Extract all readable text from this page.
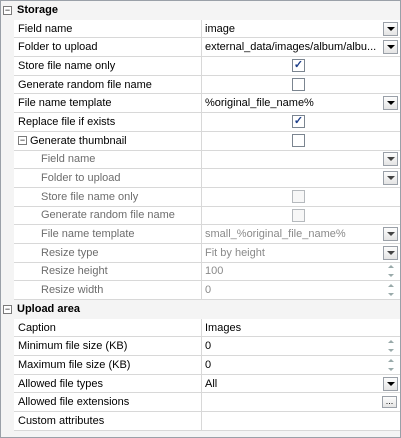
− Storage
Field name	image
Folder to upload	external_data/images/album/albu...
Store file name only	✓
Generate random file name
File name template	%original_file_name%
Replace file if exists	✓
− Generate thumbnail
Field name
Folder to upload
Store file name only
Generate random file name
File name template	small_%original_file_name%
Resize type	Fit by height
Resize height	100
Resize width	0
− Upload area
Caption	Images
Minimum file size (KB)	0
Maximum file size (KB)	0
Allowed file types	All
Allowed file extensions	...
Custom attributes
